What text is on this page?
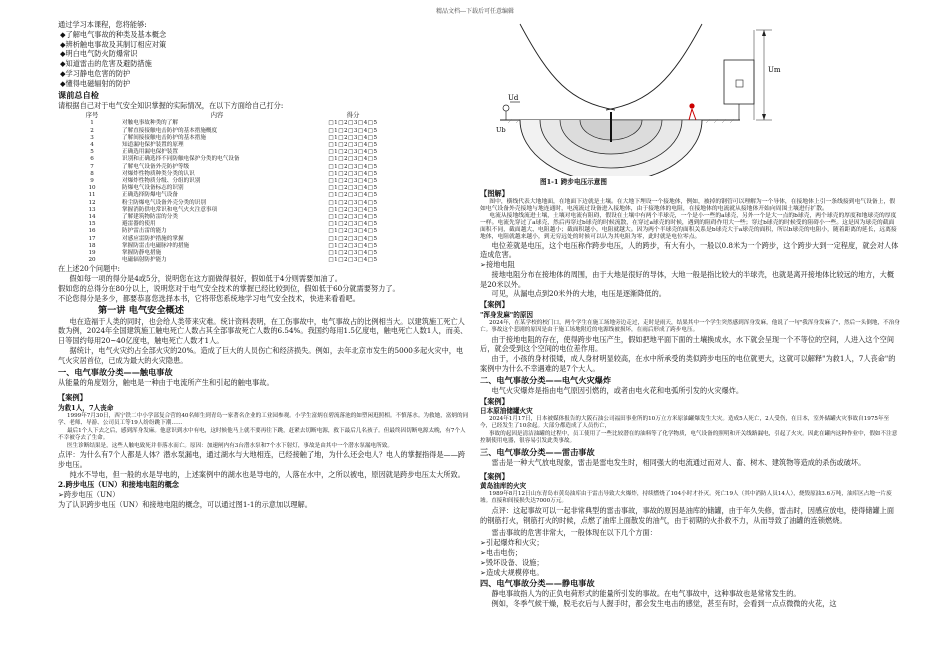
精品文档---下载后可任意编辑

通过学习本课程，您将能够:

◆了解电气事故的种类及基本概念

◆辨析触电事故及其制订相应对策

◆明白电气防火防爆常识

◆知道雷击的危害及避防措施

◆学习静电危害的防护

◆懂得电磁辐射的防护

课前总自检

请根据自己对于电气安全知识掌握的实际情况，在以下方面给自己打分:

序号	内容	得分
1	对触电事故种类的了解	□1□2□3□4□5
2	了解直接接触电击防护的基本措施概度	□1□2□3□4□5
3	了解间接接触电击防护的基本措施	□1□2□3□4□5
4	知道漏电保护装置的原理	□1□2□3□4□5
5	正确选用漏电保护装置	□1□2□3□4□5
6	识别和正确选择不同防触电保护分类的电气设备	□1□2□3□4□5
7	了解电气设备外壳防护等级	□1□2□3□4□5
8	对爆炸性物质种类分类的认识	□1□2□3□4□5
9	对爆炸性物质分级、分组的识别	□1□2□3□4□5
10	防爆电气设备标志的识别	□1□2□3□4□5
11	正确选择防爆电气设备	□1□2□3□4□5
12	粉尘防爆电气设备外壳分类的识别	□1□2□3□4□5
13	掌握消防供电常识和电气火火注意事项	□1□2□3□4□5
14	了解建筑物防雷的分类	□1□2□3□4□5
15	避雷器的使用	□1□2□3□4□5
16	防护雷击雷的能力	□1□2□3□4□5
17	对感应雷防护措施的掌握	□1□2□3□4□5
18	掌握防雷击电磁脉冲的措施	□1□2□3□4□5
19	掌握防静电措施	□1□2□3□4□5
20	电磁辐射防护能力	□1□2□3□4□5

在上述20个问题中:

假如每一项的得分是4或5分，说明您在这方面做得很好，假如低于4分则需要加油了。

假如您的总得分在80分以上，说明您对于电气安全技术的掌握已经比较到位，假如低于60分就需要努力了。

不论您得分是多少，都要恭喜您选择本书，它将带您系统地学习电气安全技术，快进来看看吧。

第一讲 电气安全概述

电在造福于人类的同时，也会给人类带来灾难。统计资料表明，在工伤事故中，电气事故占的比例相当大。以建筑施工死亡人数为例，2024年全国建筑施工触电死亡人数占其全部事故死亡人数的6.54%。我国约每用1.5亿度电，触电死亡人数1人，而美、日等国约每用20~40亿度电，触电死亡人数才1人。

据统计，电气火灾约占全部火灾的20%。造成了巨大的人员伤亡和经济损失。例如，去年北京市发生的5000多起火灾中，电气火灾居首位，已成为最大的火灾隐患。

一、电气事故分类——触电事故

从能量的角度划分，触电是一种由于电流所产生和引起的触电事故。

【案例】

为救1人，7人丧命

1999年7月30日，西宁铁二中小学部复合营的40名师生到青岛一家著名企业的工业园参观。小学生富炳在碧流落池的如塑闲逛照相。不慎落水。为救她，富炳的同学、老师、导游、公司员工等19人纷纷跳下潮……

最后1个人下去之后，感到浑身发麻。他意识到水中有电，这时候他马上就不要再往下跳，赶紧去切断电源，救下最后几名孩子。但最终因切断电源太晚，有7个人不幸被夺去了生命。

医生诊断结果是，这些人触电致死并非落水而亡。原因：加速闸内有3台潜水泵和7个水下射灯，事故是由其中一个潜水泵漏电所致。

点评：为什么有7个人都是人体？潜水泵漏电，通过湖水与大地相连，已经接触了地，为什么还会电人？电人的掌握指得是——跨步电压。

纯水不导电，但一般的水是导电的，上述案例中的湖水也是导电的，人落在水中，之所以被电，原因就是跨步电压太大所致。

2.跨步电压（UN）和接地电阻的概念

➢跨步电压（UN）

为了认识跨步电压（UN）和接地电阻的概念，可以通过图1-1的示意加以理解。

Um
Ud
Ub
图1-1 跨步电压示意图

【图解】

图中，横线代表大地地面，在地面下边就是土壤。在大地下埋设一个接地体，例如，被掉的钢管可以理解为一个导体，在接地体上引一条线接到电气设备上，假如电气设备外壳接地与地连通时，电流流过设备进入接地体，由于接地体的电阻，在接地体的电流就从接地体开始向周围土壤进行扩散。

电流从接地线流进土壤，土壤对电流有阻碍，假设在土壤中有两个半球壳，一个是小一些的a球壳，另外一个是大一点的b球壳，两个球壳的厚度和地球壳的厚度一样。电流先穿过了a球壳，然后再穿过b球壳的时候流散，在穿过a球壳的时候，遇到的阻碍作用大一些；穿过b球壳的时候受的阻碍小一些。这是因为球壳的截面面积不同，截面越大、电阻越小；截面积越小，电阻就越大。因为两个半球壳的面积关系是b球壳大于a球壳的面积，所以b球壳的电阻小，随着距离的延长，远离接地体，电阻就越来越小，到无穷远处的时候可以认为其电阻为零，此时就是电位零点。

电位差就是电压，这个电压称作跨步电压，人的跨步，有大有小，一般以0.8米为一个跨步，这个跨步大到一定程度，就会对人体造成危害。

➢接地电阻

接地电阻分布在接地体的周围，由于大地是很好的导体，大地一般是指比较大的半球壳，也就是离开接地体比较远的地方，大概是20米以外。

可见，从漏电点到20米外的大地，电压是逐渐降低的。

【案例】

"浑身发麻"的原因

2024年，在某学校的校门口，两个学生在施工场地旁边走过，走时是雨天，结果其中一个学生突然感到浑身发麻，他说了一句"我浑身发麻了"，然后一头倒地，不治身亡。事故这个悲剧的原因是由于施工场地附近的电源线被损坏，在雨后形成了跨步电压。

由于接地电阻的存在，使得跨步电压产生，假如把地平面下面的土壤换成水，水下就会呈现一个不等位的空间，人进入这个空间后，就会受到这个空间的电位差作用。

由于，小孩的身材很矮，成人身材明显较高，在水中所承受的类似跨步电压的电位就更大，这就可以解释"为救1人，7人丧命"的案例中为什么不幸遇难的是7个大人。

二、电气事故分类——电气火灾爆炸

电气火灾爆炸是指由电气原因引燃的，或者由电火花和电弧所引发的火灾爆炸。

【案例】

日本原油储罐火灾

2024年1月17日，日本被媒体报告的大阪石油公司福田事业所的10万立方米原油罐爆发生大灾。造成5人死亡，2人受伤，在日本，室外储罐火灾事故自1975年至今，已经发生了10余起。大部分都造成了人员伤亡，

事故的起因是清洁油罐的过程中，员工使用了一些比较潜在的油料等了化学物质，电气设备的照明和开关线路漏电，引起了火灾。因此在罐内这种作业中，假如不注意控制使用电器，很容易引发此类事故。

三、电气事故分类——雷击事故

雷击是一种大气放电现象，雷击是雷电发生时，相同强大的电流通过而对人、畜、树木、建筑物等造成的杀伤或破坏。

【案例】

黄岛油库的火灾

1989年8月12日山东青岛市黄岛油库由于雷击导致大火爆炸，持续燃烧了104小时才扑灭。死亡19人（其中消防人员14人），烧毁原油3.6万吨，油库区占地一片废墟。直接和间接损失达7000万元。

点评：这起事故可以一起非常典型的雷击事故，事故的原因是油库的储罐，由于年久失修，雷击时，因感应放电，使得储罐上面的钢筋打火，钢筋打火的时候，点燃了油库上面散发的油气，由于初期的火扑救不力，从而导致了油罐的连锁燃烧。

雷击事故的危害非常大，一般体现在以下几个方面：

➢引起爆炸和火灾；

➢电击电伤；

➢毁坏设备、设施；

➢造成大规模停电。

四、电气事故分类——静电事故

静电事故指人为的正负电荷形式的能量所引发的事故。在电气事故中，这种事故也是常常发生的。

例如，冬季气候干燥，脱毛衣后与人握手时，都会发生电击的感觉，甚至有时，会看到一点点微微的火花，这
